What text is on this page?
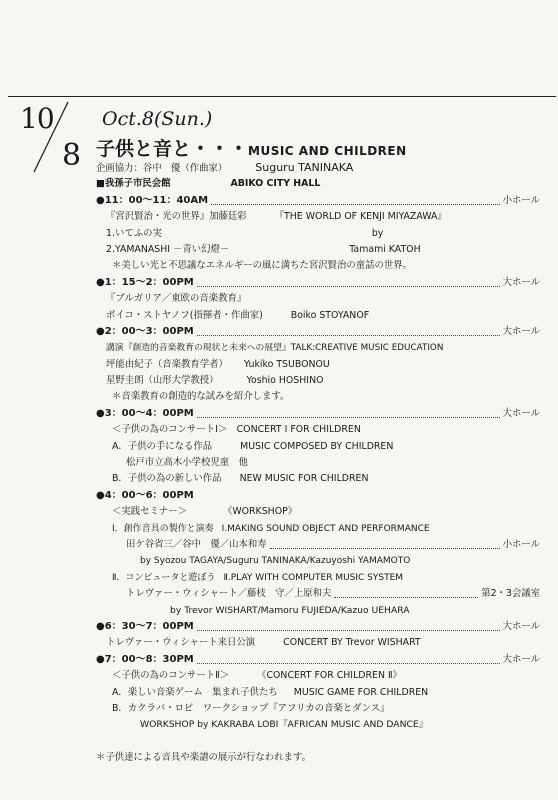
10
8
Oct.8(Sun.)
子供と音と・・・MUSIC AND CHILDREN
企画協力：谷中　優（作曲家）	Suguru TANINAKA
■我孫子市民会館	ABIKO CITY HALL
●11：00〜11：40AM	小ホール
『宮沢賢治・光の世界』加藤廷彩	『THE WORLD OF KENJI MIYAZAWA』
1.いてふの実	by
2.YAMANASHI －青い幻燈－	Tamami KATOH
＊美しい光と不思議なエネルギーの風に満ちた宮沢賢治の童話の世界。
●1：15〜2：00PM	大ホール
『ブルガリア／東欧の音楽教育』
ボイコ・ストヤノフ(指揮者・作曲家)	Boiko STOYANOF
●2：00〜3：00PM	大ホール
講演『創造的音楽教育の現状と未来への展望』TALK:CREATIVE MUSIC EDUCATION
坪能由紀子（音楽教育学者） Yukiko TSUBONOU
星野圭朗（山形大学教授）	Yoshio HOSHINO
＊音楽教育の創造的な試みを紹介します。
●3：00〜4：00PM	大ホール
＜子供の為のコンサートⅠ＞　CONCERT Ⅰ FOR CHILDREN
A．子供の手になる作品	MUSIC COMPOSED BY CHILDREN
松戸市立高木小学校児童　他
B．子供の為の新しい作品 NEW MUSIC FOR CHILDREN
●4：00〜6：00PM
＜実践セミナー＞	《WORKSHOP》
Ⅰ．創作音具の製作と演奏 Ⅰ.MAKING SOUND OBJECT AND PERFORMANCE
田ケ谷省三／谷中　優／山本和寿	小ホール
by Syozou TAGAYA/Suguru TANINAKA/Kazuyoshi YAMAMOTO
Ⅱ．コンピュータと遊ぼう Ⅱ.PLAY WITH COMPUTER MUSIC SYSTEM
トレヴァー・ウィシャート／藤枝　守／上原和夫	第2・3会議室
by Trevor WISHART/Mamoru FUJIEDA/Kazuo UEHARA
●6：30〜7：00PM	大ホール
トレヴァー・ウィシャート来日公演	CONCERT BY Trevor WISHART
●7：00〜8：30PM	大ホール
＜子供の為のコンサートⅡ＞	《CONCERT FOR CHILDREN Ⅱ》
A．楽しい音楽ゲーム　集まれ子供たち MUSIC GAME FOR CHILDREN
B．カクラバ・ロビ　ワークショップ『アフリカの音楽とダンス』
WORKSHOP by KAKRABA LOBI『AFRICAN MUSIC AND DANCE』
＊子供達による音具や楽譜の展示が行なわれます。
